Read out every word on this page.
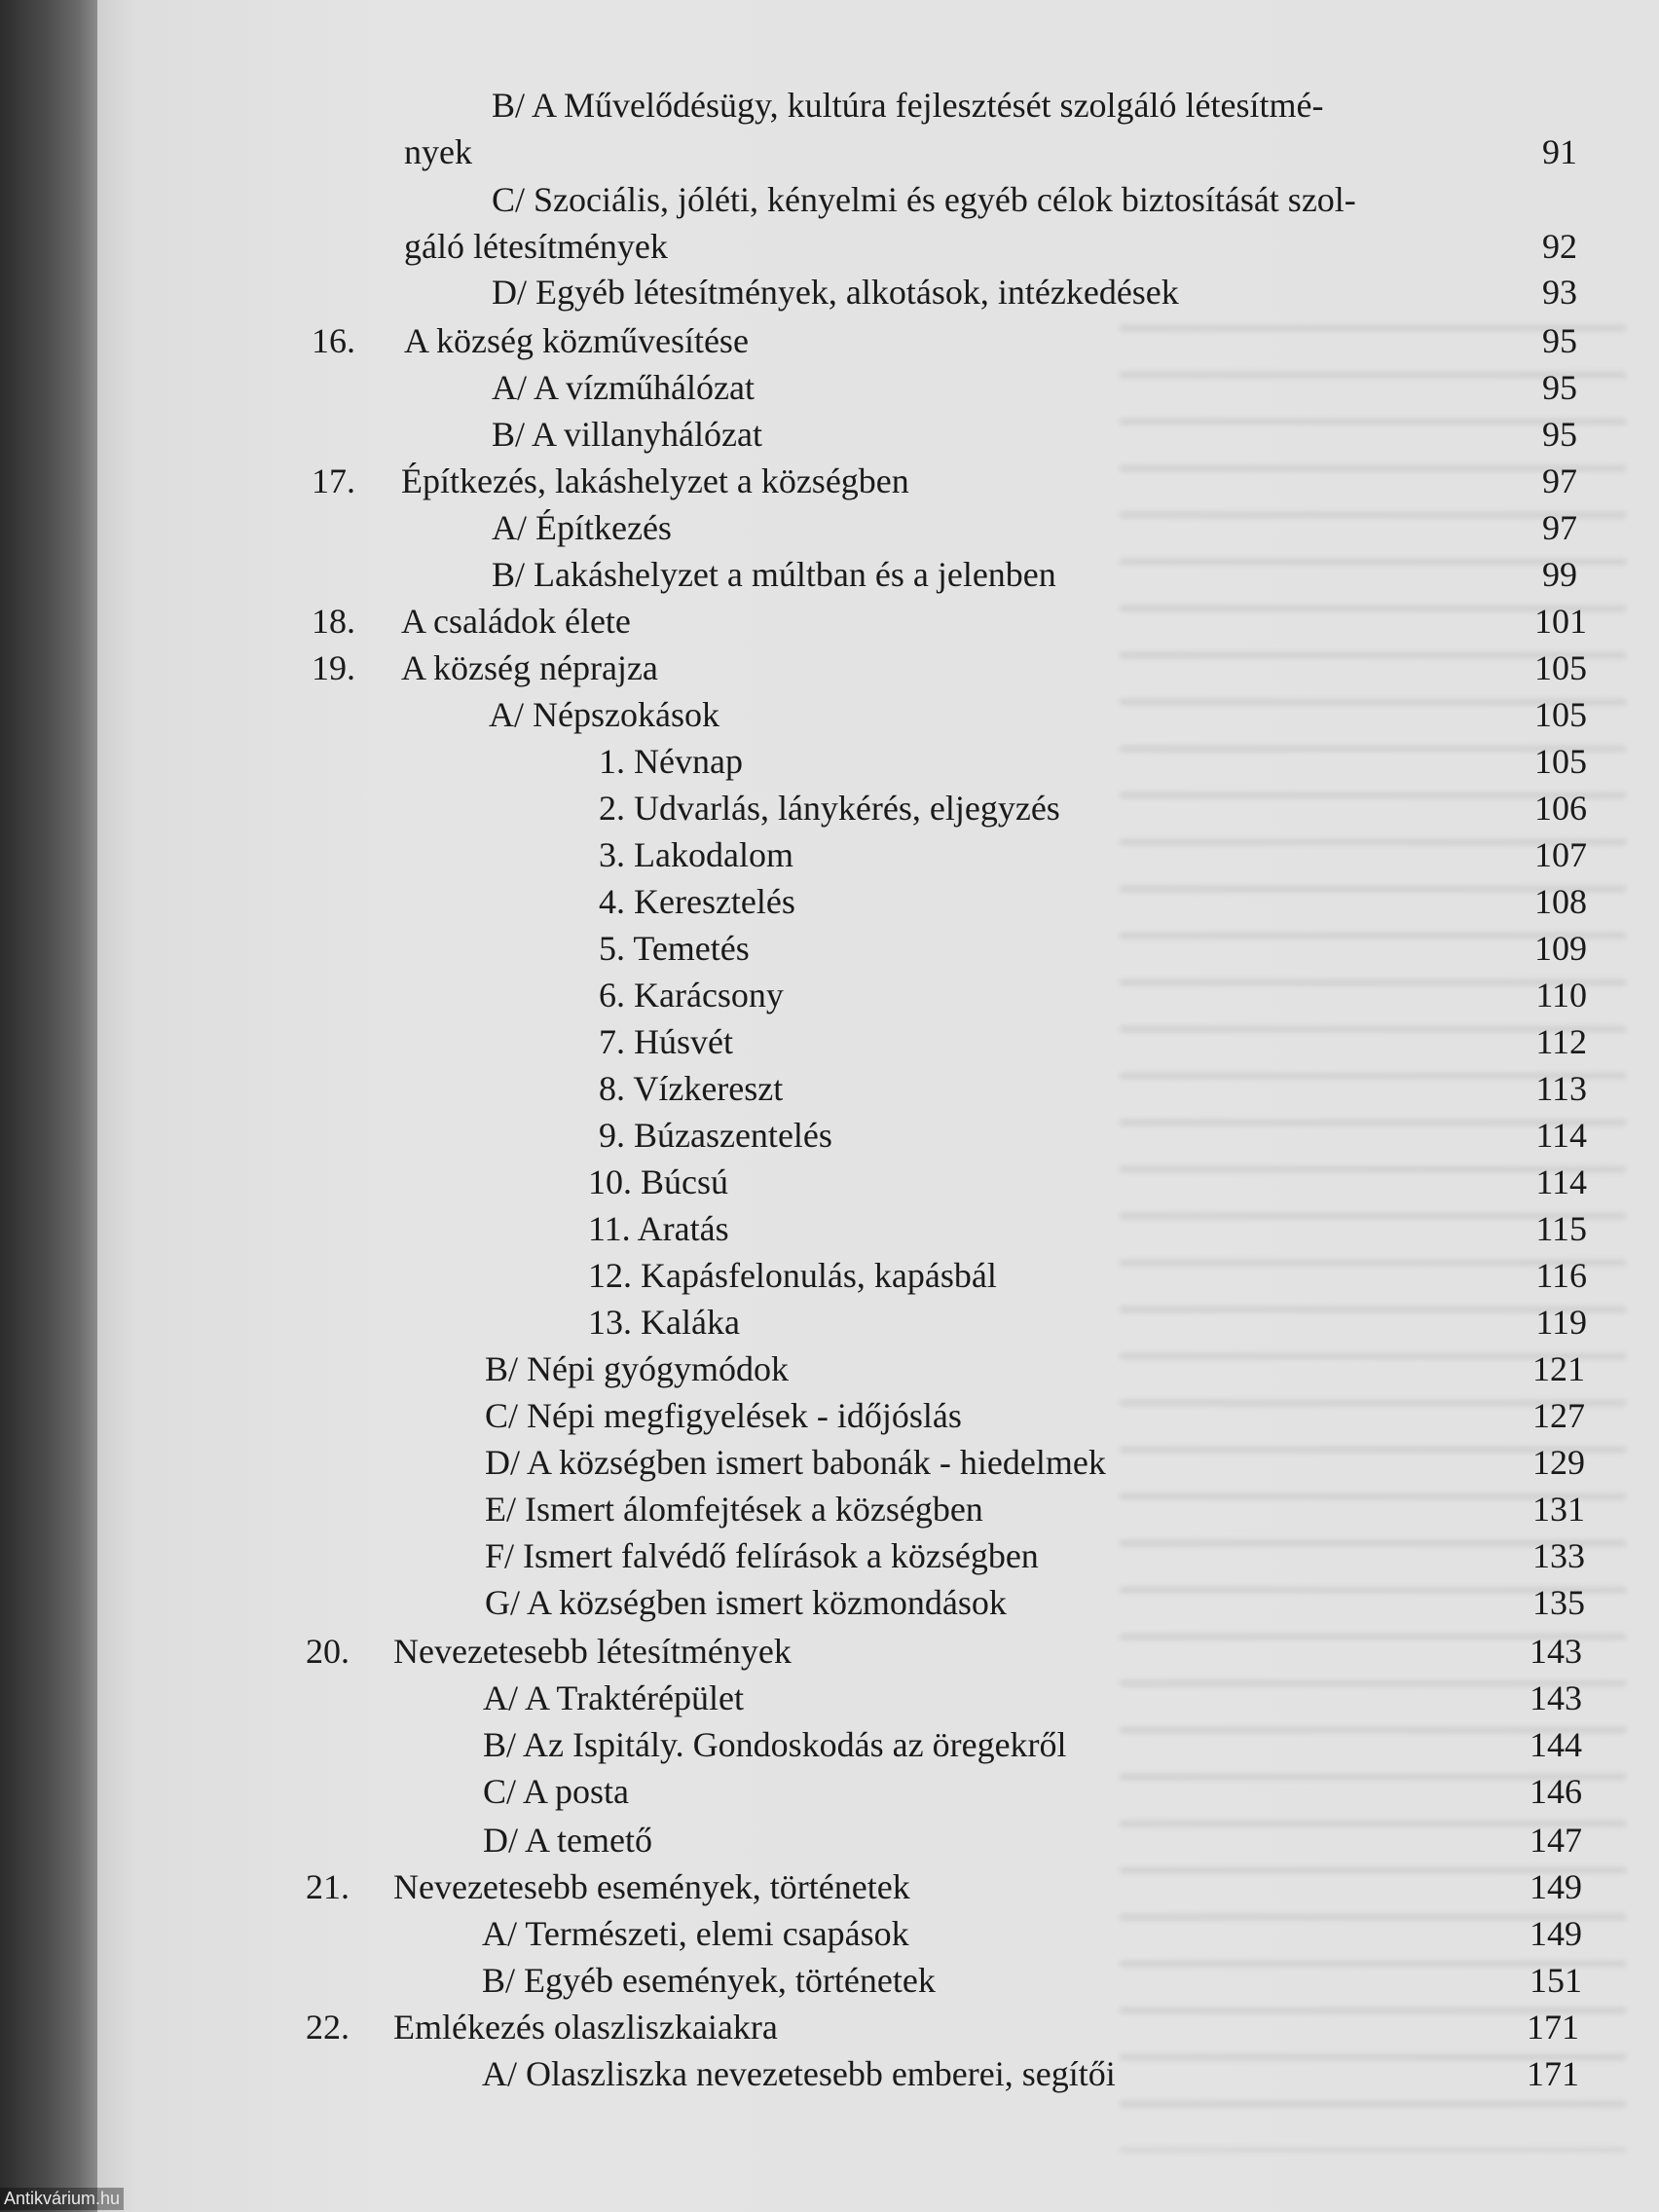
B/ A Művelődésügy, kultúra fejlesztését szolgáló létesítmé-
nyek	91
C/ Szociális, jóléti, kényelmi és egyéb célok biztosítását szol-
gáló létesítmények	92
D/ Egyéb létesítmények, alkotások, intézkedések	93
16. A község közművesítése	95
A/ A vízműhálózat	95
B/ A villanyhálózat	95
17. Építkezés, lakáshelyzet a községben	97
A/ Építkezés	97
B/ Lakáshelyzet a múltban és a jelenben	99
18. A családok élete	101
19. A község néprajza	105
A/ Népszokások	105
1. Névnap	105
2. Udvarlás, lánykérés, eljegyzés	106
3. Lakodalom	107
4. Keresztelés	108
5. Temetés	109
6. Karácsony	110
7. Húsvét	112
8. Vízkereszt	113
9. Búzaszentelés	114
10. Búcsú	114
11. Aratás	115
12. Kapásfelonulás, kapásbál	116
13. Kaláka	119
B/ Népi gyógymódok	121
C/ Népi megfigyelések - időjóslás	127
D/ A községben ismert babonák - hiedelmek	129
E/ Ismert álomfejtések a községben	131
F/ Ismert falvédő felírások a községben	133
G/ A községben ismert közmondások	135
20. Nevezetesebb létesítmények	143
A/ A Traktérépület	143
B/ Az Ispitály. Gondoskodás az öregekről	144
C/ A posta	146
D/ A temető	147
21. Nevezetesebb események, történetek	149
A/ Természeti, elemi csapások	149
B/ Egyéb események, történetek	151
22. Emlékezés olaszliszkaiakra	171
A/ Olaszliszka nevezetesebb emberei, segítői	171
Antikvárium.hu
